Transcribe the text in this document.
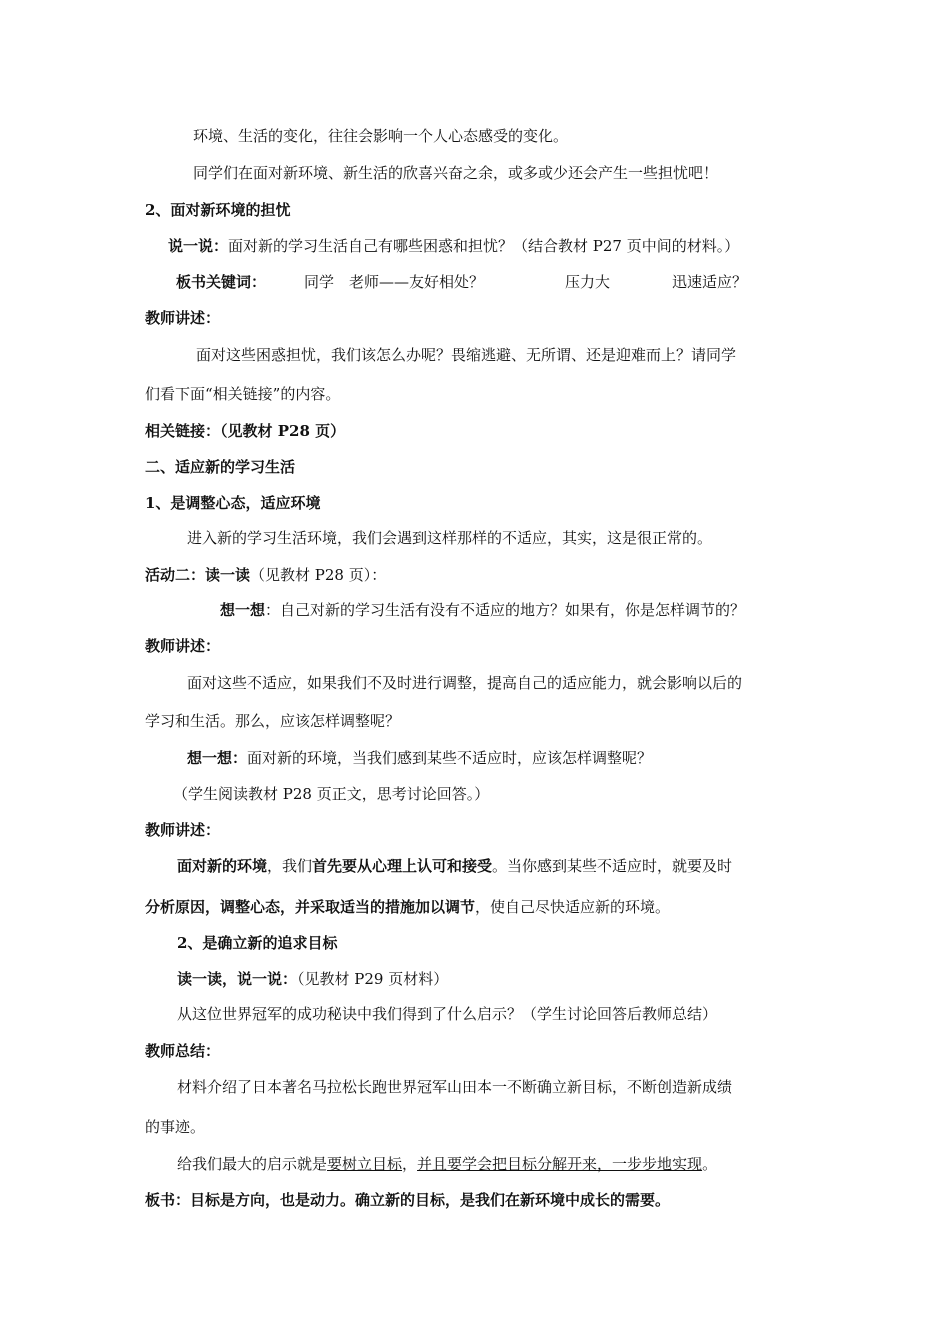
环境、生活的变化，往往会影响一个人心态感受的变化。
同学们在面对新环境、新生活的欣喜兴奋之余，或多或少还会产生一些担忧吧！
2、面对新环境的担忧
说一说：面对新的学习生活自己有哪些困惑和担忧？（结合教材 P27 页中间的材料。）
板书关键词：	同学　老师——友好相处？	压力大	迅速适应？
教师讲述：
面对这些困惑担忧，我们该怎么办呢？畏缩逃避、无所谓、还是迎难而上？请同学
们看下面“相关链接”的内容。
相关链接：（见教材 P28 页）
二、适应新的学习生活
1、是调整心态，适应环境
进入新的学习生活环境，我们会遇到这样那样的不适应，其实，这是很正常的。
活动二：读一读（见教材 P28 页）：
想一想：自己对新的学习生活有没有不适应的地方？如果有，你是怎样调节的？
教师讲述：
面对这些不适应，如果我们不及时进行调整，提高自己的适应能力，就会影响以后的
学习和生活。那么，应该怎样调整呢？
想一想：面对新的环境，当我们感到某些不适应时，应该怎样调整呢？
（学生阅读教材 P28 页正文，思考讨论回答。）
教师讲述：
面对新的环境，我们首先要从心理上认可和接受。当你感到某些不适应时，就要及时
分析原因，调整心态，并采取适当的措施加以调节，使自己尽快适应新的环境。
2、是确立新的追求目标
读一读，说一说：（见教材 P29 页材料）
从这位世界冠军的成功秘诀中我们得到了什么启示？（学生讨论回答后教师总结）
教师总结：
材料介绍了日本著名马拉松长跑世界冠军山田本一不断确立新目标，不断创造新成绩
的事迹。
给我们最大的启示就是要树立目标，并且要学会把目标分解开来，一步步地实现。
板书：目标是方向，也是动力。确立新的目标，是我们在新环境中成长的需要。
